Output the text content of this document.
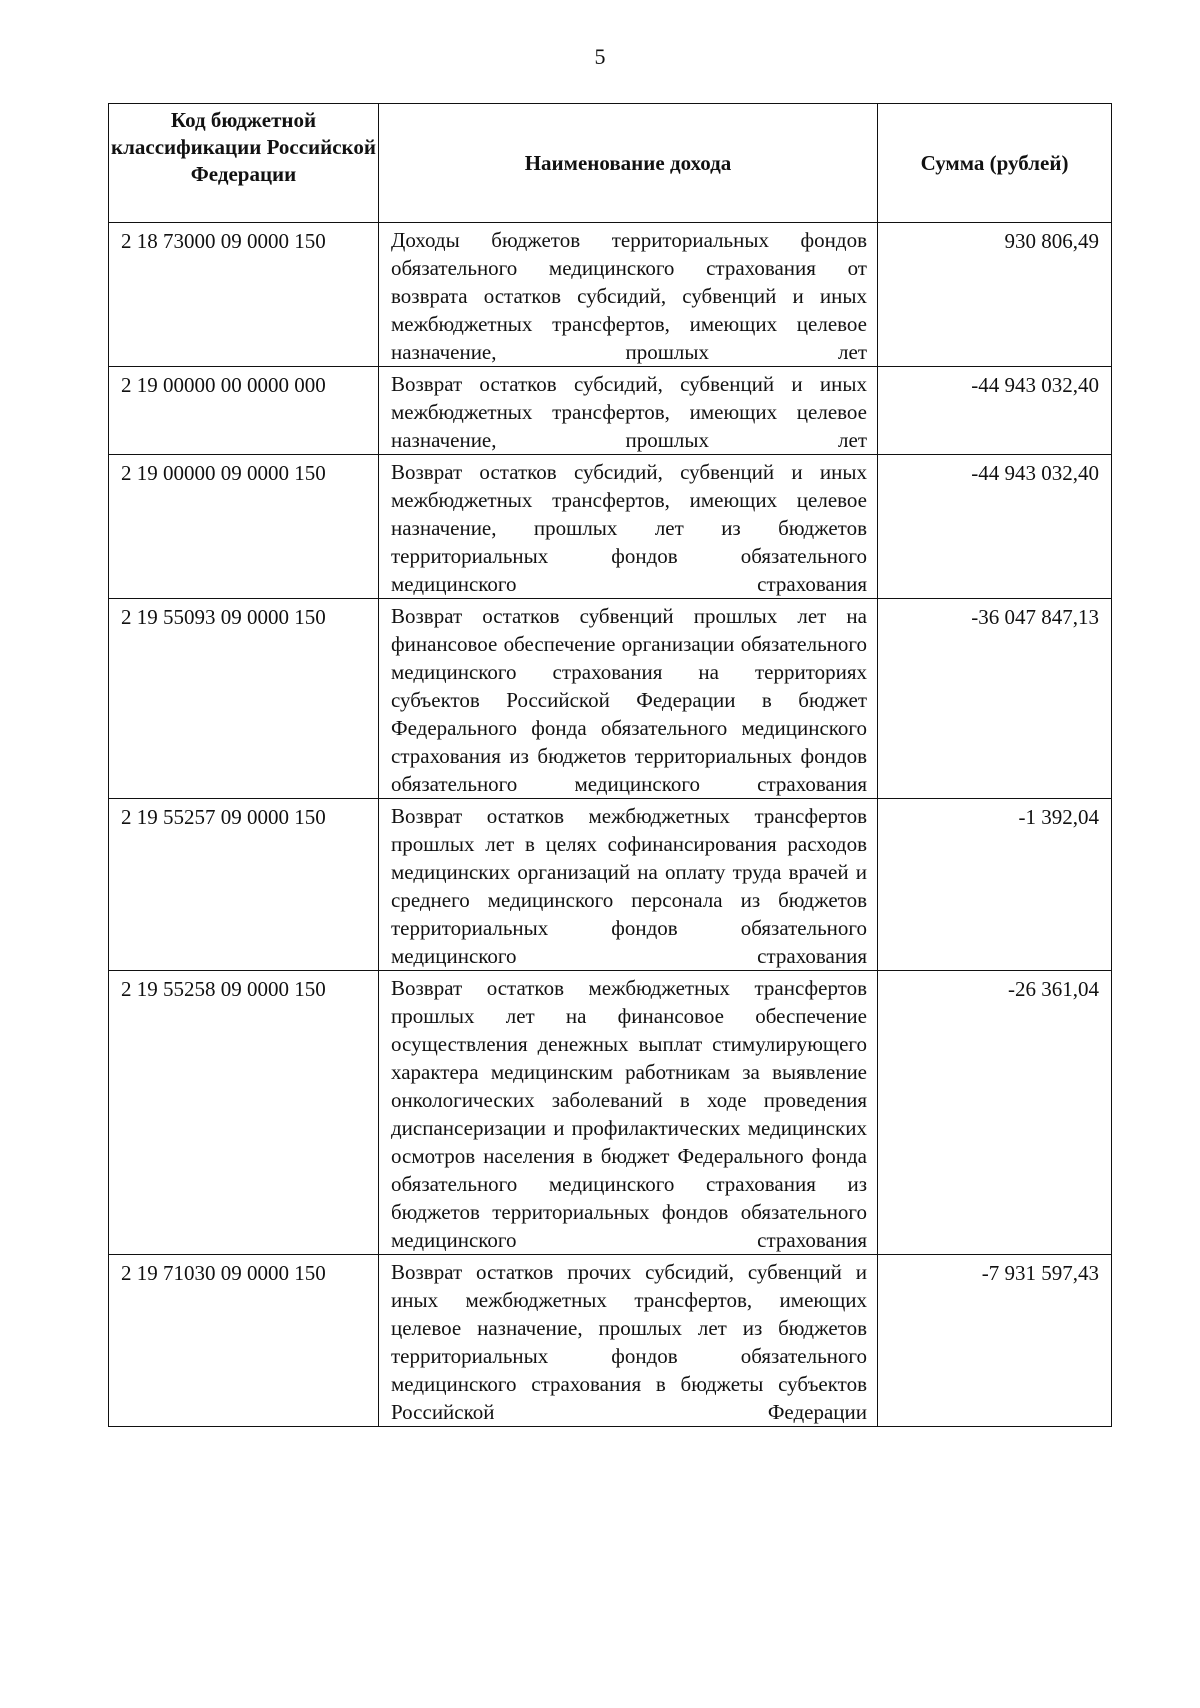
5
Код бюджетной классификации Российской Федерации	Наименование дохода	Сумма (рублей)
2 18 73000 09 0000 150	Доходы бюджетов территориальных фондов обязательного медицинского страхования от возврата остатков субсидий, субвенций и иных межбюджетных трансфертов, имеющих целевое назначение, прошлых лет	930 806,49
2 19 00000 00 0000 000	Возврат остатков субсидий, субвенций и иных межбюджетных трансфертов, имеющих целевое назначение, прошлых лет	-44 943 032,40
2 19 00000 09 0000 150	Возврат остатков субсидий, субвенций и иных межбюджетных трансфертов, имеющих целевое назначение, прошлых лет из бюджетов территориальных фондов обязательного медицинского страхования	-44 943 032,40
2 19 55093 09 0000 150	Возврат остатков субвенций прошлых лет на финансовое обеспечение организации обязательного медицинского страхования на территориях субъектов Российской Федерации в бюджет Федерального фонда обязательного медицинского страхования из бюджетов территориальных фондов обязательного медицинского страхования	-36 047 847,13
2 19 55257 09 0000 150	Возврат остатков межбюджетных трансфертов прошлых лет в целях софинансирования расходов медицинских организаций на оплату труда врачей и среднего медицинского персонала из бюджетов территориальных фондов обязательного медицинского страхования	-1 392,04
2 19 55258 09 0000 150	Возврат остатков межбюджетных трансфертов прошлых лет на финансовое обеспечение осуществления денежных выплат стимулирующего характера медицинским работникам за выявление онкологических заболеваний в ходе проведения диспансеризации и профилактических медицинских осмотров населения в бюджет Федерального фонда обязательного медицинского страхования из бюджетов территориальных фондов обязательного медицинского страхования	-26 361,04
2 19 71030 09 0000 150	Возврат остатков прочих субсидий, субвенций и иных межбюджетных трансфертов, имеющих целевое назначение, прошлых лет из бюджетов территориальных фондов обязательного медицинского страхования в бюджеты субъектов Российской Федерации	-7 931 597,43
